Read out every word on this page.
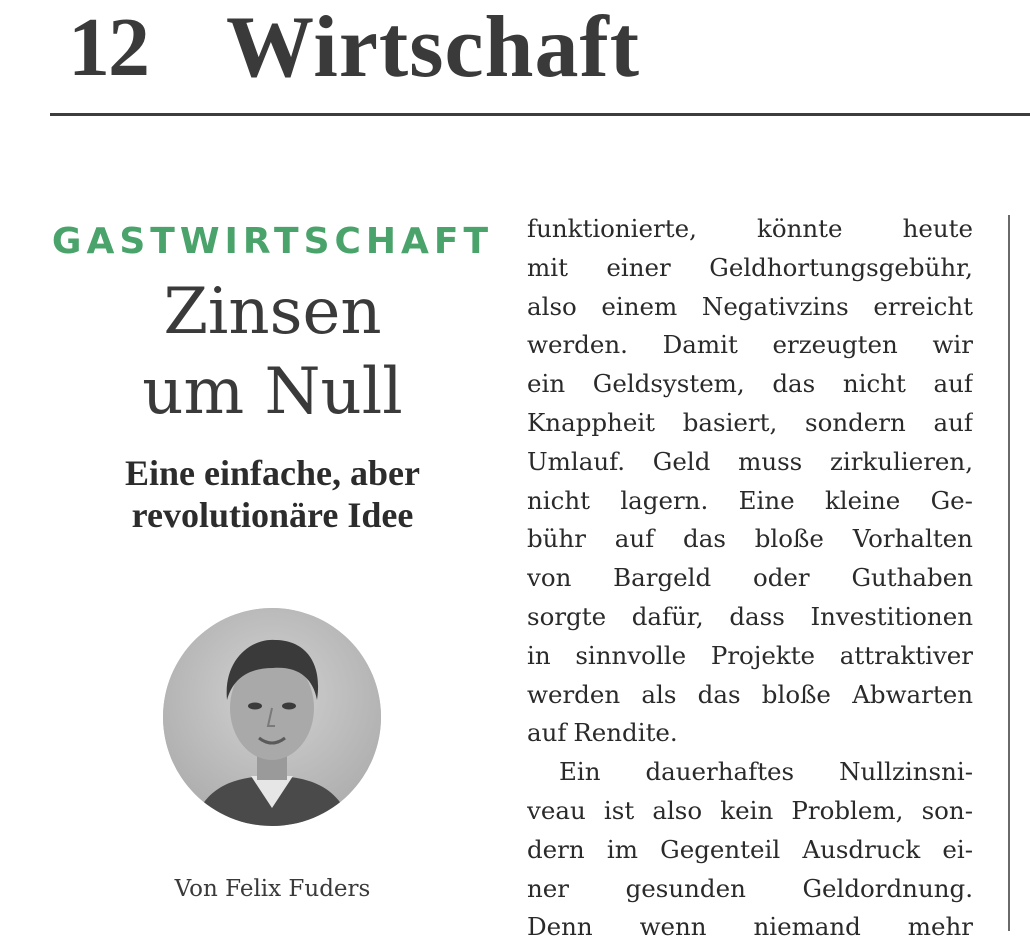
12 Wirtschaft
GASTWIRTSCHAFT
Zinsen
um Null
Eine einfache, aber
revolutionäre Idee
Von Felix Fuders
funktionierte, könnte heute
mit einer Geldhortungsgebühr,
also einem Negativzins erreicht
werden. Damit erzeugten wir
ein Geldsystem, das nicht auf
Knappheit basiert, sondern auf
Umlauf. Geld muss zirkulieren,
nicht lagern. Eine kleine Ge-
bühr auf das bloße Vorhalten
von Bargeld oder Guthaben
sorgte dafür, dass Investitionen
in sinnvolle Projekte attraktiver
werden als das bloße Abwarten
auf Rendite.
Ein dauerhaftes Nullzinsni-
veau ist also kein Problem, son-
dern im Gegenteil Ausdruck ei-
ner gesunden Geldordnung.
Denn wenn niemand mehr
